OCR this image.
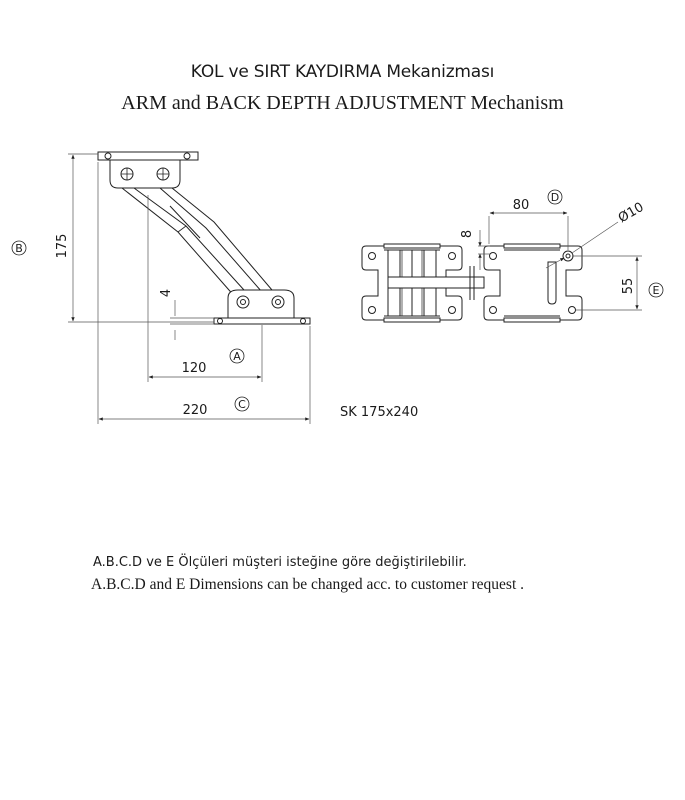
KOL ve SIRT KAYDIRMA Mekanizması
ARM and BACK DEPTH ADJUSTMENT Mechanism
175
B
4
120
A
220	C
SK 175x240
80
D
8
Ø10
55 E
A.B.C.D ve E Ölçüleri müşteri isteğine göre değiştirilebilir.
A.B.C.D and E Dimensions can be changed acc. to customer request .
